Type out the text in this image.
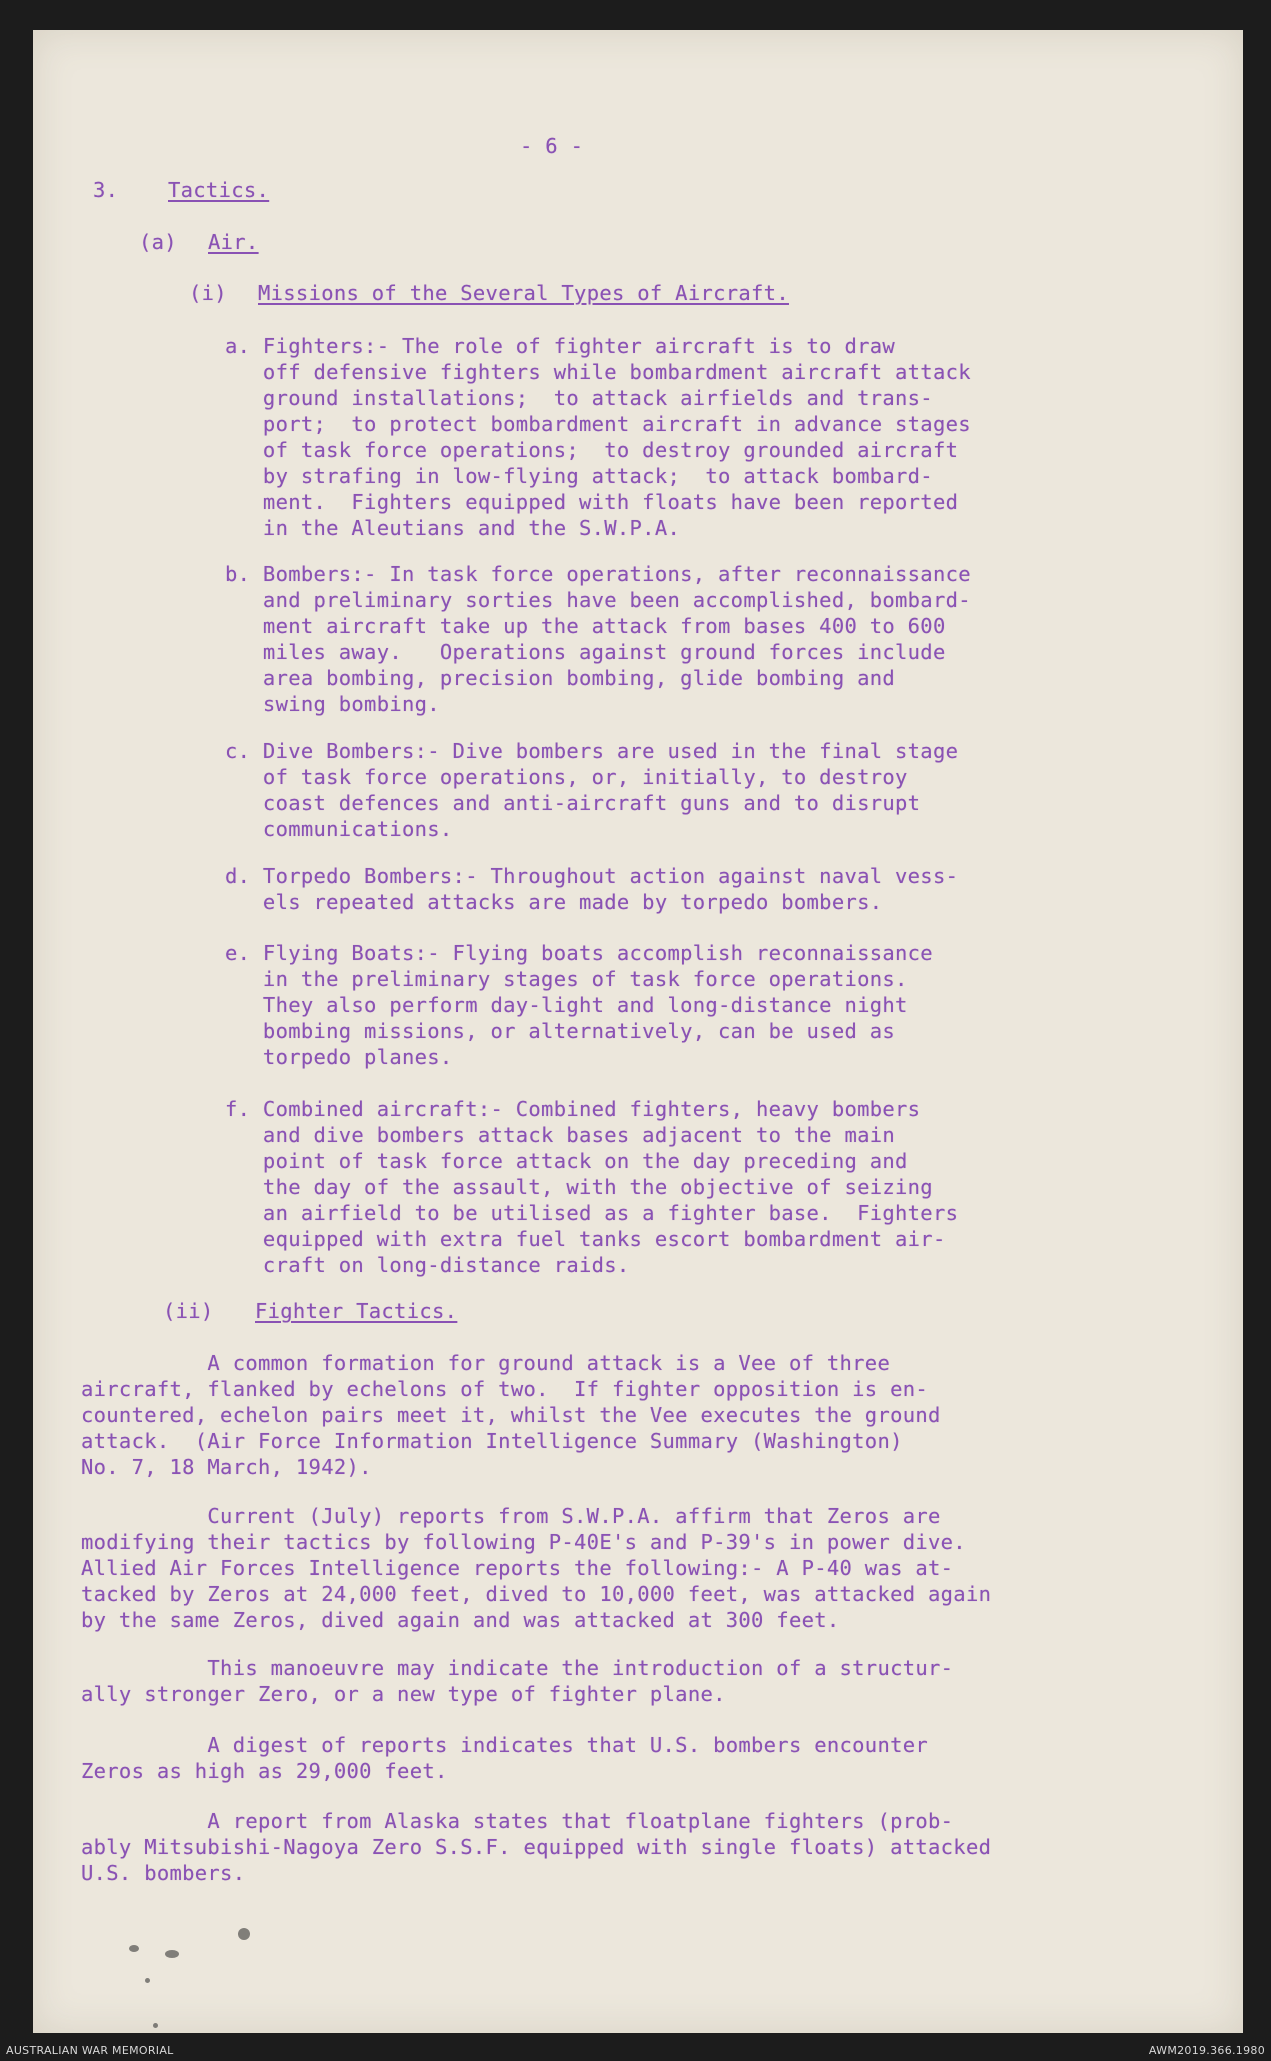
- 6 -
3. Tactics.
(a) Air.
(i) Missions of the Several Types of Aircraft.
a. Fighters:- The role of fighter aircraft is to draw
off defensive fighters while bombardment aircraft attack
ground installations;  to attack airfields and trans-
port;  to protect bombardment aircraft in advance stages
of task force operations;  to destroy grounded aircraft
by strafing in low-flying attack;  to attack bombard-
ment.  Fighters equipped with floats have been reported
in the Aleutians and the S.W.P.A.
b. Bombers:- In task force operations, after reconnaissance
and preliminary sorties have been accomplished, bombard-
ment aircraft take up the attack from bases 400 to 600
miles away.   Operations against ground forces include
area bombing, precision bombing, glide bombing and
swing bombing.
c. Dive Bombers:- Dive bombers are used in the final stage
of task force operations, or, initially, to destroy
coast defences and anti-aircraft guns and to disrupt
communications.
d. Torpedo Bombers:- Throughout action against naval vess-
els repeated attacks are made by torpedo bombers.
e. Flying Boats:- Flying boats accomplish reconnaissance
in the preliminary stages of task force operations.
They also perform day-light and long-distance night
bombing missions, or alternatively, can be used as
torpedo planes.
f. Combined aircraft:- Combined fighters, heavy bombers
and dive bombers attack bases adjacent to the main
point of task force attack on the day preceding and
the day of the assault, with the objective of seizing
an airfield to be utilised as a fighter base.  Fighters
equipped with extra fuel tanks escort bombardment air-
craft on long-distance raids.
(ii) Fighter Tactics.
A common formation for ground attack is a Vee of three
aircraft, flanked by echelons of two.  If fighter opposition is en-
countered, echelon pairs meet it, whilst the Vee executes the ground
attack.  (Air Force Information Intelligence Summary (Washington)
No. 7, 18 March, 1942).
Current (July) reports from S.W.P.A. affirm that Zeros are
modifying their tactics by following P-40E's and P-39's in power dive.
Allied Air Forces Intelligence reports the following:- A P-40 was at-
tacked by Zeros at 24,000 feet, dived to 10,000 feet, was attacked again
by the same Zeros, dived again and was attacked at 300 feet.
This manoeuvre may indicate the introduction of a structur-
ally stronger Zero, or a new type of fighter plane.
A digest of reports indicates that U.S. bombers encounter
Zeros as high as 29,000 feet.
A report from Alaska states that floatplane fighters (prob-
ably Mitsubishi-Nagoya Zero S.S.F. equipped with single floats) attacked
U.S. bombers.
AUSTRALIAN WAR MEMORIAL	AWM2019.366.1980
